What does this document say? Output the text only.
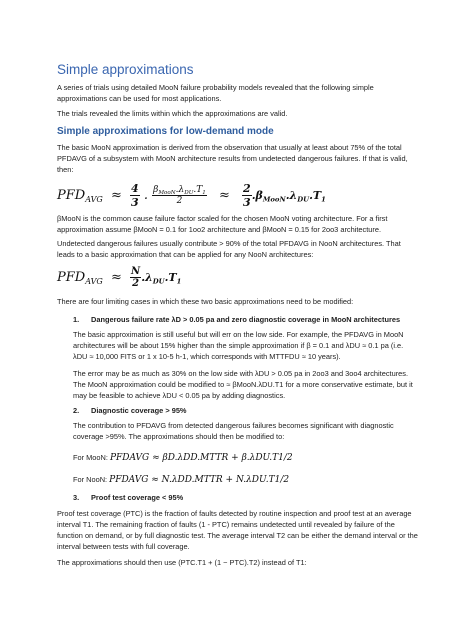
Simple approximations
A series of trials using detailed MooN failure probability models revealed that the following simple approximations can be used for most applications.
The trials revealed the limits within which the approximations are valid.
Simple approximations for low-demand mode
The basic MooN approximation is derived from the observation that usually at least about 75% of the total PFDAVG of a subsystem with MooN architecture results from undetected dangerous failures. If that is valid, then:
$PFD_{AVG} \approx \frac{4}{3}$ . $\frac{\beta_{MooN}.\lambda_{DU}.T_1}{2} \approx \frac{2}{3} .\beta_{MooN}.\lambda_{DU}.T_1$
βMooN is the common cause failure factor scaled for the chosen MooN voting architecture. For a first approximation assume βMooN = 0.1 for 1oo2 architecture and βMooN = 0.15 for 2oo3 architecture.
Undetected dangerous failures usually contribute > 90% of the total PFDAVG in NooN architectures. That leads to a basic approximation that can be applied for any NooN architectures:
$PFD_{AVG} \approx \frac{N}{2} .\lambda_{DU}.T_1$
There are four limiting cases in which these two basic approximations need to be modified:
1. Dangerous failure rate λD > 0.05 pa and zero diagnostic coverage in MooN architectures
The basic approximation is still useful but will err on the low side. For example, the PFDAVG in MooN architectures will be about 15% higher than the simple approximation if β = 0.1 and λDU ≈ 0.1 pa (i.e. λDU ≈ 10,000 FITS or 1 x 10-5 h-1, which corresponds with MTTFDU ≈ 10 years).
The error may be as much as 30% on the low side with λDU > 0.05 pa in 2oo3 and 3oo4 architectures. The MooN approximation could be modified to ≈ βMooN.λDU.T1 for a more conservative estimate, but it may be feasible to achieve λDU < 0.05 pa by adding diagnostics.
2. Diagnostic coverage > 95%
The contribution to PFDAVG from detected dangerous failures becomes significant with diagnostic coverage >95%. The approximations should then be modified to:
For MooN: PFDAVG ≈ βD.λDD.MTTR + β.λDU.T1/2
For NooN: PFDAVG ≈ N.λDD.MTTR + N.λDU.T1/2
3. Proof test coverage < 95%
Proof test coverage (PTC) is the fraction of faults detected by routine inspection and proof test at an average interval T1. The remaining fraction of faults (1 - PTC) remains undetected until revealed by failure of the function on demand, or by full diagnostic test. The average interval T2 can be either the demand interval or the interval between tests with full coverage.
The approximations should then use (PTC.T1 + (1 − PTC).T2) instead of T1:
